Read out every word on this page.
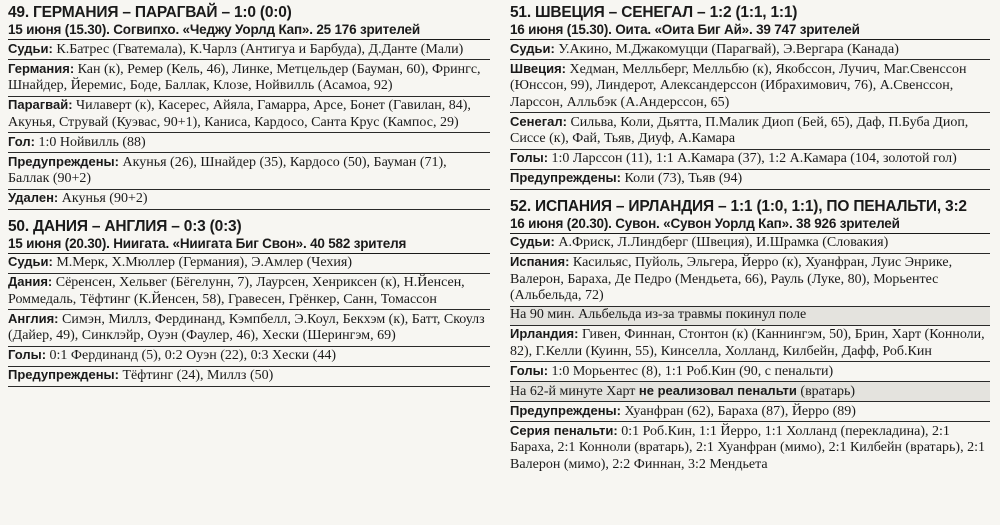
49. ГЕРМАНИЯ – ПАРАГВАЙ – 1:0 (0:0)
15 июня (15.30). Согвипхо. «Чеджу Уорлд Кап». 25 176 зрителей
Судьи: К.Батрес (Гватемала), К.Чарлз (Антигуа и Барбуда), Д.Данте (Мали)
Германия: Кан (к), Ремер (Кель, 46), Линке, Метцельдер (Бауман, 60), Фрингс, Шнайдер, Йеремис, Боде, Баллак, Клозе, Нойвилль (Асамоа, 92)
Парагвай: Чилаверт (к), Касерес, Айяла, Гамарра, Арсе, Бонет (Гавилан, 84), Акунья, Струвай (Куэвас, 90+1), Каниса, Кардосо, Санта Крус (Кампос, 29)
Гол: 1:0 Нойвилль (88)
Предупреждены: Акунья (26), Шнайдер (35), Кардосо (50), Бауман (71), Баллак (90+2)
Удален: Акунья (90+2)
50. ДАНИЯ – АНГЛИЯ – 0:3 (0:3)
15 июня (20.30). Ниигата. «Ниигата Биг Свон». 40 582 зрителя
Судьи: М.Мерк, Х.Мюллер (Германия), Э.Амлер (Чехия)
Дания: Сёренсен, Хельвег (Бёгелунн, 7), Лаурсен, Хенриксен (к), Н.Йенсен, Роммедаль, Тёфтинг (К.Йенсен, 58), Гравесен, Грёнкер, Санн, Томассон
Англия: Симэн, Миллз, Фердинанд, Кэмпбелл, Э.Коул, Бекхэм (к), Батт, Скоулз (Дайер, 49), Синклэйр, Оуэн (Фаулер, 46), Хески (Шерингэм, 69)
Голы: 0:1 Фердинанд (5), 0:2 Оуэн (22), 0:3 Хески (44)
Предупреждены: Тёфтинг (24), Миллз (50)
51. ШВЕЦИЯ – СЕНЕГАЛ – 1:2 (1:1, 1:1)
16 июня (15.30). Оита. «Оита Биг Ай». 39 747 зрителей
Судьи: У.Акино, М.Джакомуцци (Парагвай), Э.Вергара (Канада)
Швеция: Хедман, Мелльберг, Мелльбю (к), Якобссон, Лучич, Маг.Свенссон (Юнссон, 99), Линдерот, Александерссон (Ибрахимович, 76), А.Свенссон, Ларссон, Алльбэк (А.Андерссон, 65)
Сенегал: Сильва, Коли, Дьятта, П.Малик Диоп (Бей, 65), Даф, П.Буба Диоп, Сиссе (к), Фай, Тьяв, Диуф, А.Камара
Голы: 1:0 Ларссон (11), 1:1 А.Камара (37), 1:2 А.Камара (104, золотой гол)
Предупреждены: Коли (73), Тьяв (94)
52. ИСПАНИЯ – ИРЛАНДИЯ – 1:1 (1:0, 1:1), ПО ПЕНАЛЬТИ, 3:2
16 июня (20.30). Сувон. «Сувон Уорлд Кап». 38 926 зрителей
Судьи: А.Фриск, Л.Линдберг (Швеция), И.Шрамка (Словакия)
Испания: Касильяс, Пуйоль, Эльгера, Йерро (к), Хуанфран, Луис Энрике, Валерон, Бараха, Де Педро (Мендьета, 66), Рауль (Луке, 80), Морьентес (Альбельда, 72)
На 90 мин. Альбельда из-за травмы покинул поле
Ирландия: Гивен, Финнан, Стонтон (к) (Каннингэм, 50), Брин, Харт (Конноли, 82), Г.Келли (Куинн, 55), Кинселла, Холланд, Килбейн, Дафф, Роб.Кин
Голы: 1:0 Морьентес (8), 1:1 Роб.Кин (90, с пенальти)
На 62-й минуте Харт не реализовал пенальти (вратарь)
Предупреждены: Хуанфран (62), Бараха (87), Йерро (89)
Серия пенальти: 0:1 Роб.Кин, 1:1 Йерро, 1:1 Холланд (перекладина), 2:1 Бараха, 2:1 Конноли (вратарь), 2:1 Хуанфран (мимо), 2:1 Килбейн (вратарь), 2:1 Валерон (мимо), 2:2 Финнан, 3:2 Мендьета
